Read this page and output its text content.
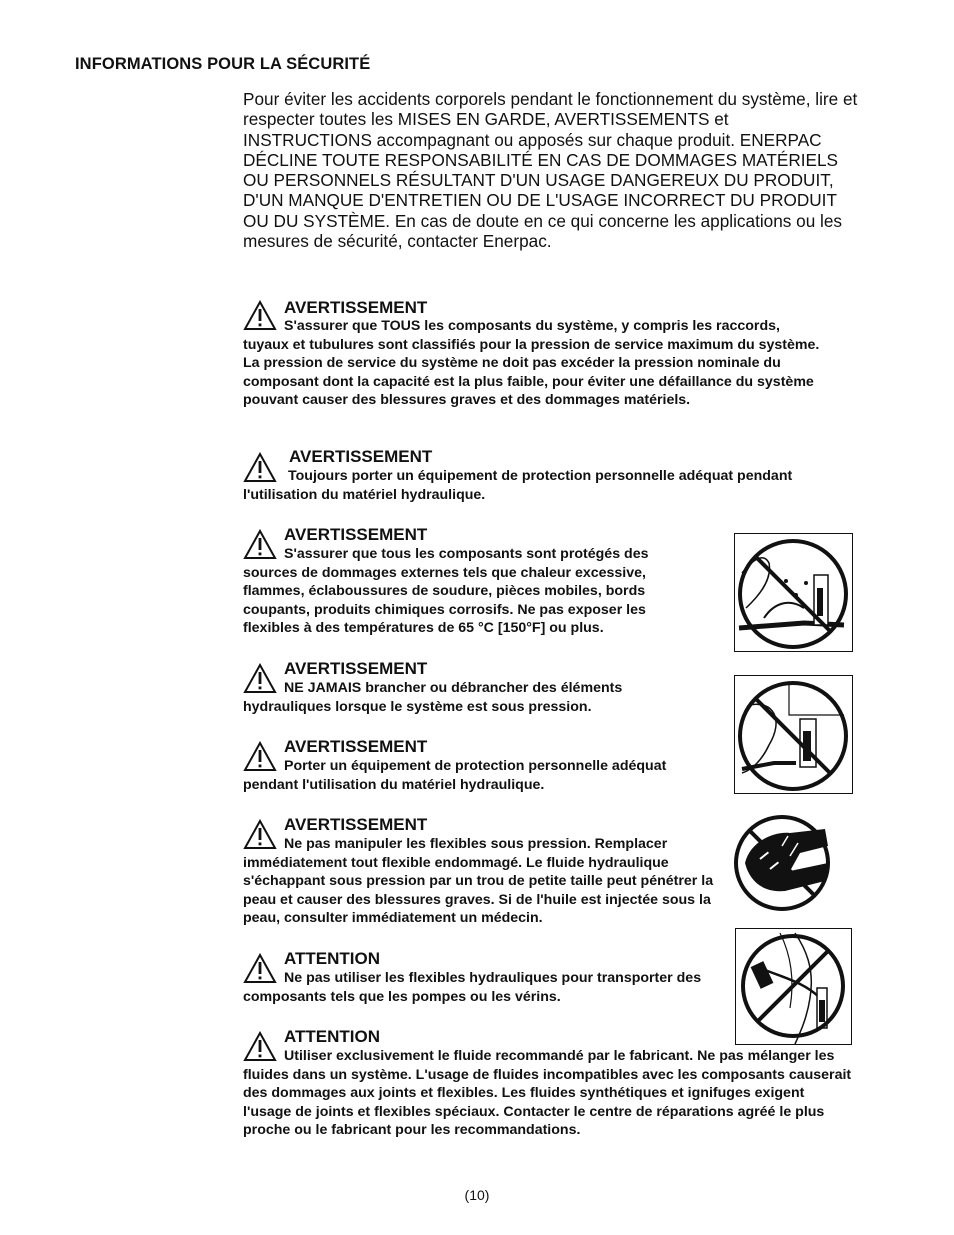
INFORMATIONS POUR LA SÉCURITÉ
Pour éviter les accidents corporels pendant le fonctionnement du système, lire et respecter toutes les MISES EN GARDE, AVERTISSEMENTS et INSTRUCTIONS accompagnant ou apposés sur chaque produit. ENERPAC DÉCLINE TOUTE RESPONSABILITÉ EN CAS DE DOMMAGES MATÉRIELS OU PERSONNELS RÉSULTANT D'UN USAGE DANGEREUX DU PRODUIT, D'UN MANQUE D'ENTRETIEN OU DE L'USAGE INCORRECT DU PRODUIT OU DU SYSTÈME. En cas de doute en ce qui concerne les applications ou les mesures de sécurité, contacter Enerpac.
AVERTISSEMENT
S'assurer que TOUS les composants du système, y compris les raccords, tuyaux et tubulures sont classifiés pour la pression de service maximum du système. La pression de service du système ne doit pas excéder la pression nominale du composant dont la capacité est la plus faible, pour éviter une défaillance du système pouvant causer des blessures graves et des dommages matériels.
AVERTISSEMENT
Toujours porter un équipement de protection personnelle adéquat pendant l'utilisation du matériel hydraulique.
AVERTISSEMENT
S'assurer que tous les composants sont protégés des sources de dommages externes tels que chaleur excessive, flammes, éclaboussures de soudure, pièces mobiles, bords coupants, produits chimiques corrosifs. Ne pas exposer les flexibles à des températures de 65 °C [150°F] ou plus.
AVERTISSEMENT
NE JAMAIS brancher ou débrancher des éléments hydrauliques lorsque le système est sous pression.
AVERTISSEMENT
Porter un équipement de protection personnelle adéquat pendant l'utilisation du matériel hydraulique.
AVERTISSEMENT
Ne pas manipuler les flexibles sous pression. Remplacer immédiatement tout flexible endommagé. Le fluide hydraulique s'échappant sous pression par un trou de petite taille peut pénétrer la peau et causer des blessures graves. Si de l'huile est injectée sous la peau, consulter immédiatement un médecin.
ATTENTION
Ne pas utiliser les flexibles hydrauliques pour transporter des composants tels que les pompes ou les vérins.
ATTENTION
Utiliser exclusivement le fluide recommandé par le fabricant. Ne pas mélanger les fluides dans un système. L'usage de fluides incompatibles avec les composants causerait des dommages aux joints et flexibles. Les fluides synthétiques et ignifuges exigent l'usage de joints et flexibles spéciaux. Contacter le centre de réparations agréé le plus proche ou le fabricant pour les recommandations.
(10)
